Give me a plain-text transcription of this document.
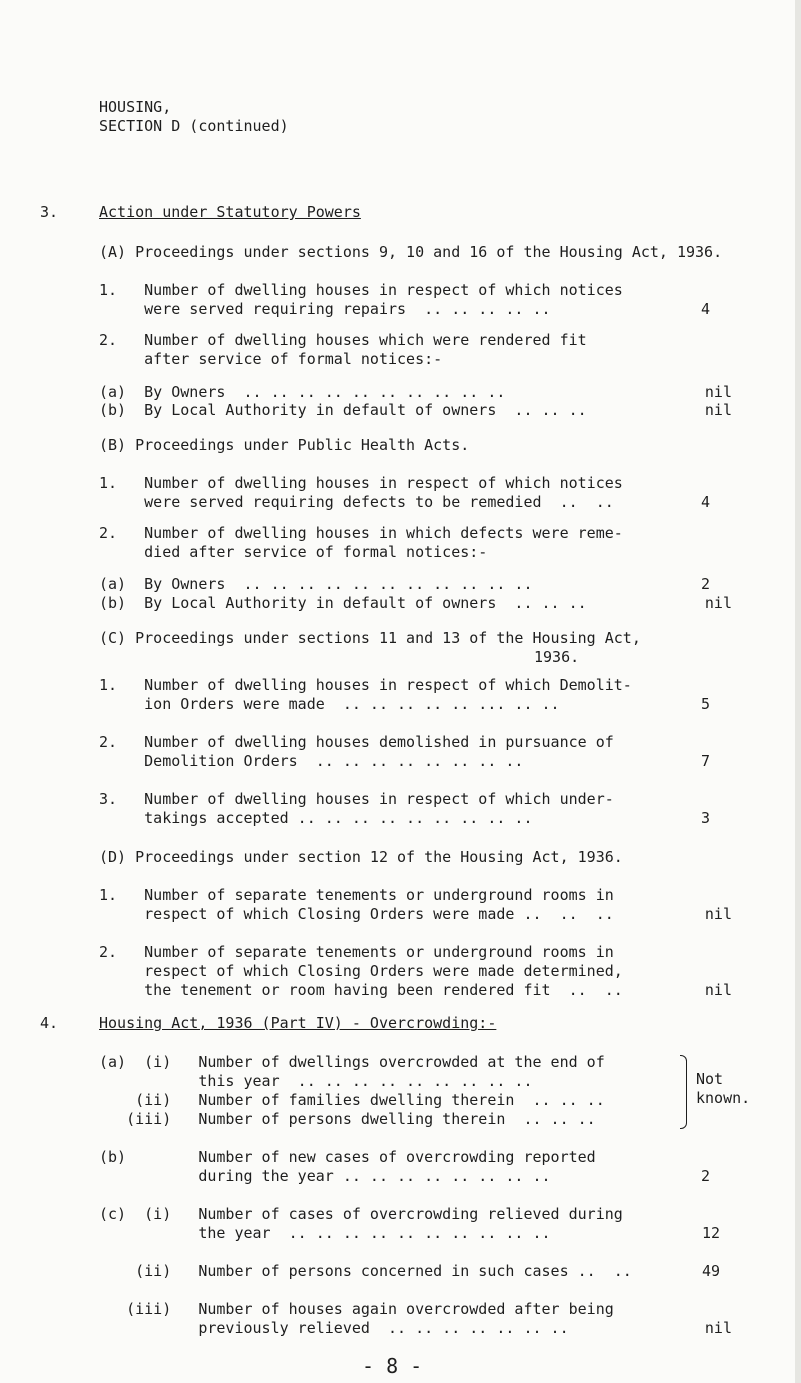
HOUSING,
SECTION D (continued)
3.	Action under Statutory Powers
(A) Proceedings under sections 9, 10 and 16 of the Housing Act, 1936.
1.   Number of dwelling houses in respect of which notices
were served requiring repairs  .. .. .. .. ..	4
2.   Number of dwelling houses which were rendered fit
after service of formal notices:-
(a)  By Owners  .. .. .. .. .. .. .. .. .. ..	nil
(b)  By Local Authority in default of owners  .. .. ..	nil
(B) Proceedings under Public Health Acts.
1.   Number of dwelling houses in respect of which notices
were served requiring defects to be remedied  ..  ..	4
2.   Number of dwelling houses in which defects were reme-
died after service of formal notices:-
(a)  By Owners  .. .. .. .. .. .. .. .. .. .. ..	2
(b)  By Local Authority in default of owners  .. .. ..	nil
(C) Proceedings under sections 11 and 13 of the Housing Act,
1936.
1.   Number of dwelling houses in respect of which Demolit-
ion Orders were made  .. .. .. .. .. ... .. ..	5
2.   Number of dwelling houses demolished in pursuance of
Demolition Orders  .. .. .. .. .. .. .. ..	7
3.   Number of dwelling houses in respect of which under-
takings accepted .. .. .. .. .. .. .. .. ..	3
(D) Proceedings under section 12 of the Housing Act, 1936.
1.   Number of separate tenements or underground rooms in
respect of which Closing Orders were made ..  ..  ..	nil
2.   Number of separate tenements or underground rooms in
respect of which Closing Orders were made determined,
the tenement or room having been rendered fit  ..  ..	nil
4.	Housing Act, 1936 (Part IV) - Overcrowding:-
(a)  (i)   Number of dwellings overcrowded at the end of
this year  .. .. .. .. .. .. .. .. ..
(ii)   Number of families dwelling therein  .. .. ..
(iii)   Number of persons dwelling therein  .. .. ..
Not
known.
(b)        Number of new cases of overcrowding reported
during the year .. .. .. .. .. .. .. ..	2
(c)  (i)   Number of cases of overcrowding relieved during
the year  .. .. .. .. .. .. .. .. .. ..	12
(ii)   Number of persons concerned in such cases ..  ..	49
(iii)   Number of houses again overcrowded after being
previously relieved  .. .. .. .. .. .. ..	nil
- 8 -
